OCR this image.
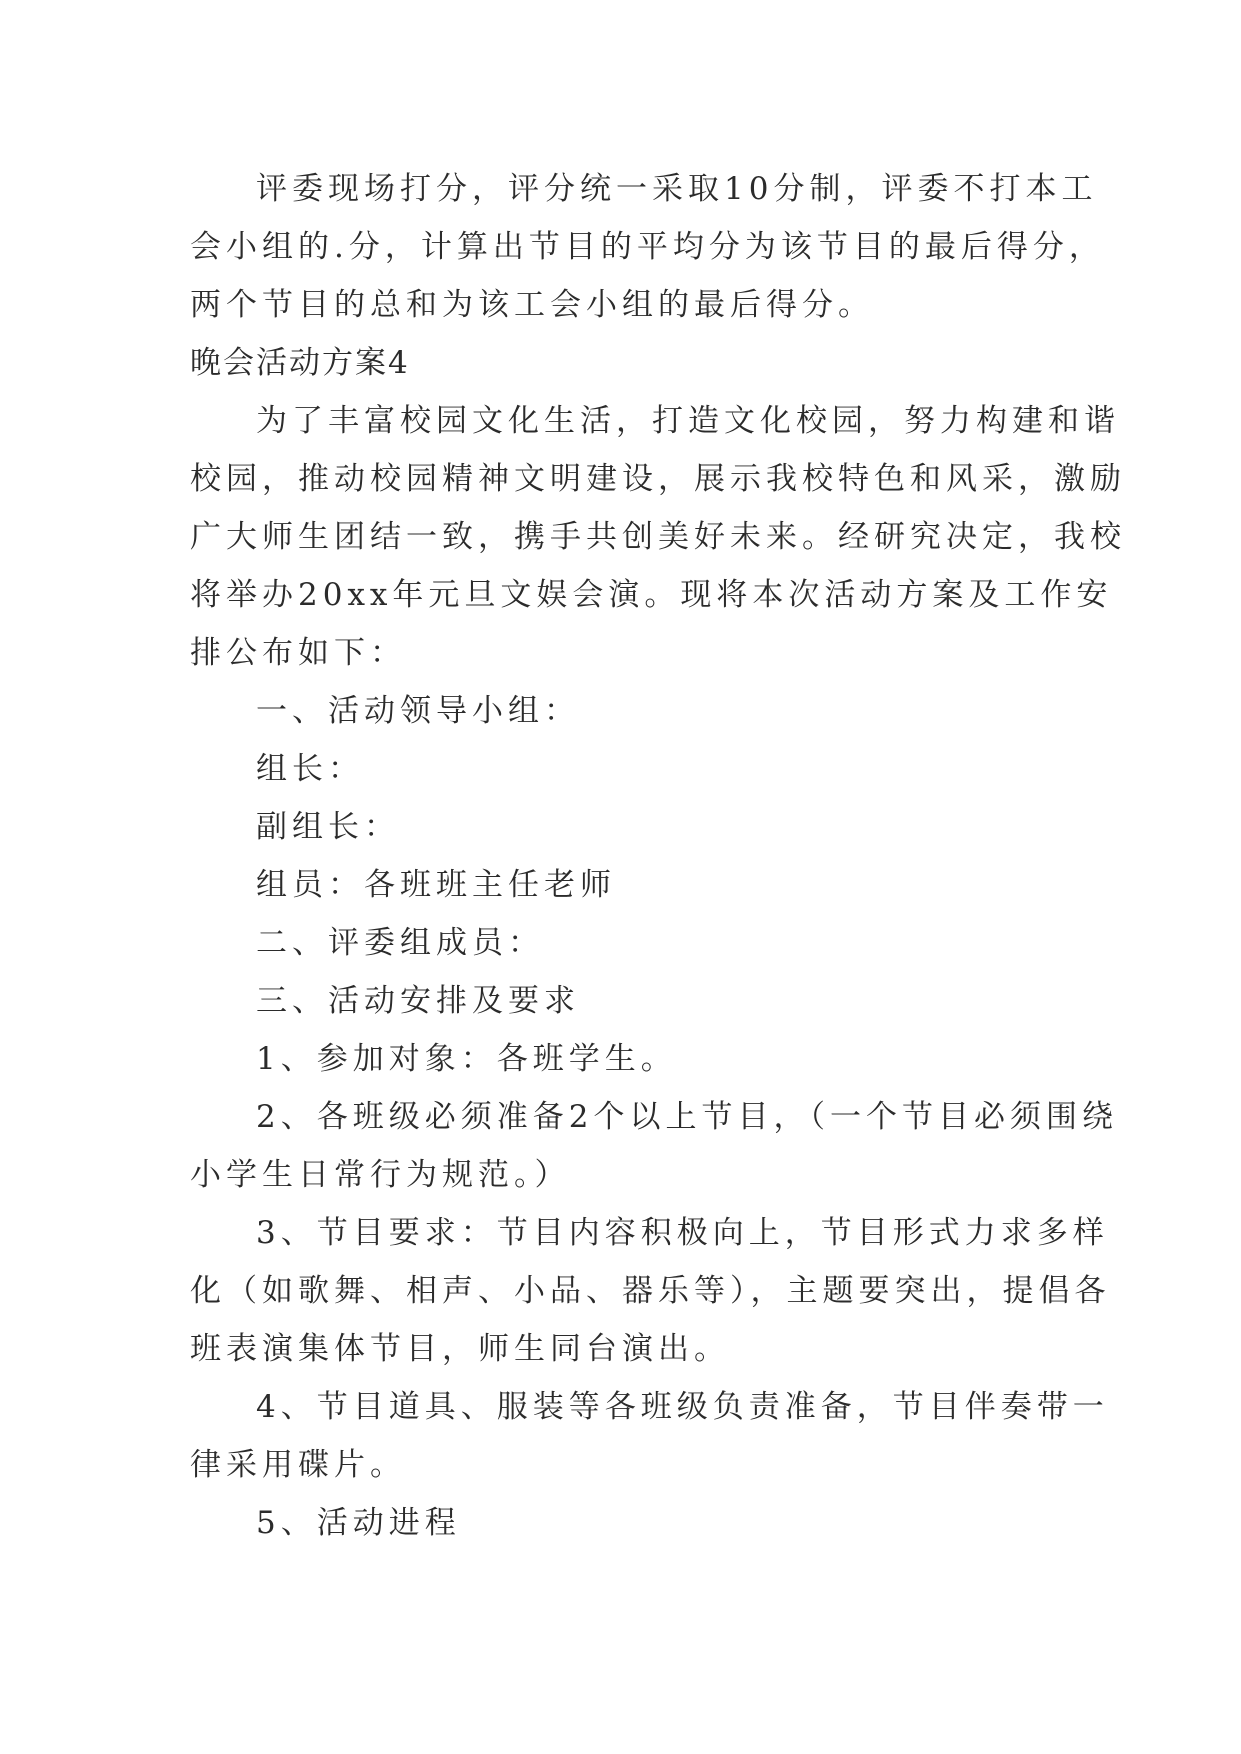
评委现场打分，评分统一采取10分制，评委不打本工
会小组的.分，计算出节目的平均分为该节目的最后得分，
两个节目的总和为该工会小组的最后得分。
晚会活动方案4
为了丰富校园文化生活，打造文化校园，努力构建和谐
校园，推动校园精神文明建设，展示我校特色和风采，激励
广大师生团结一致，携手共创美好未来。经研究决定，我校
将举办20xx年元旦文娱会演。现将本次活动方案及工作安
排公布如下：
一、活动领导小组：
组长：
副组长：
组员：各班班主任老师
二、评委组成员：
三、活动安排及要求
1、参加对象：各班学生。
2、各班级必须准备2个以上节目，（一个节目必须围绕
小学生日常行为规范。）
3、节目要求：节目内容积极向上，节目形式力求多样
化（如歌舞、相声、小品、器乐等），主题要突出，提倡各
班表演集体节目，师生同台演出。
4、节目道具、服装等各班级负责准备，节目伴奏带一
律采用碟片。
5、活动进程
